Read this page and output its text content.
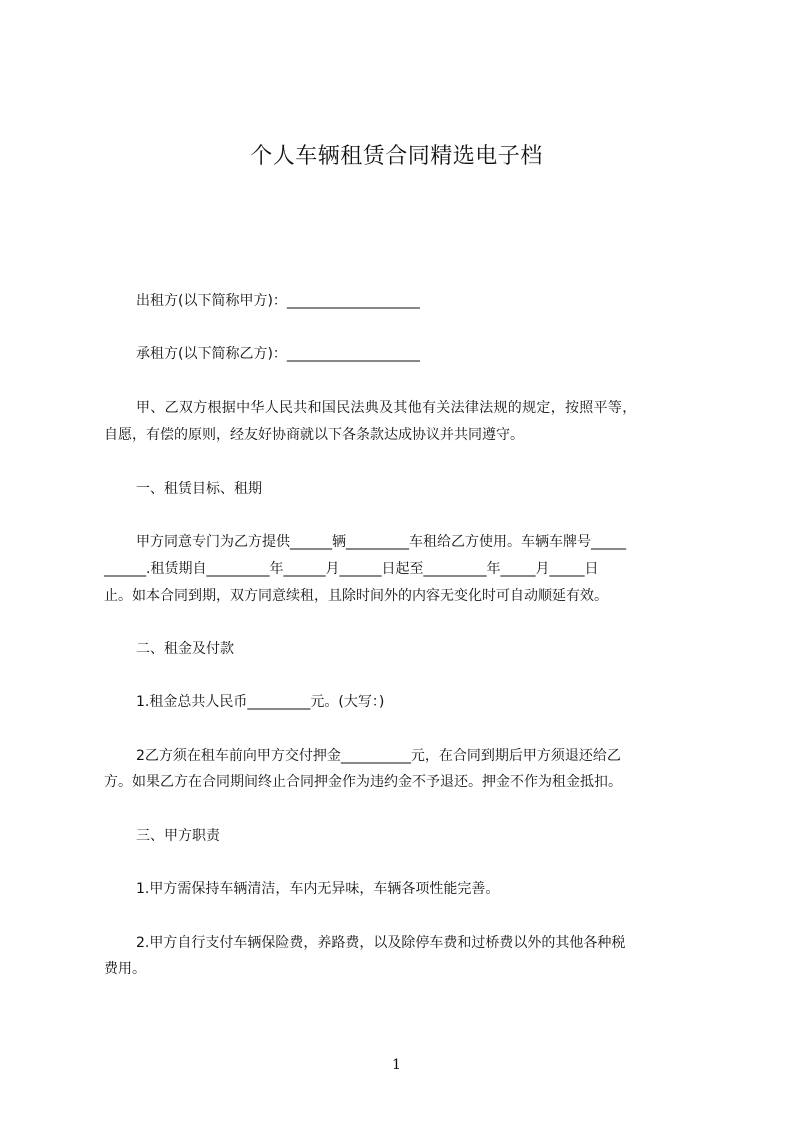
个人车辆租赁合同精选电子档

出租方(以下简称甲方)：___________________

承租方(以下简称乙方)：___________________

甲、乙双方根据中华人民共和国民法典及其他有关法律法规的规定，按照平等，

自愿，有偿的原则，经友好协商就以下各条款达成协议并共同遵守。

一、租赁目标、租期

甲方同意专门为乙方提供______辆_________车租给乙方使用。车辆车牌号_____

______.租赁期自_________年______月______日起至_________年_____月_____日

止。如本合同到期，双方同意续租，且除时间外的内容无变化时可自动顺延有效。

二、租金及付款

1.租金总共人民币_________元。(大写：)

2乙方须在租车前向甲方交付押金__________元，在合同到期后甲方须退还给乙

方。如果乙方在合同期间终止合同押金作为违约金不予退还。押金不作为租金抵扣。

三、甲方职责

1.甲方需保持车辆清洁，车内无异味，车辆各项性能完善。

2.甲方自行支付车辆保险费，养路费，以及除停车费和过桥费以外的其他各种税

费用。

1
